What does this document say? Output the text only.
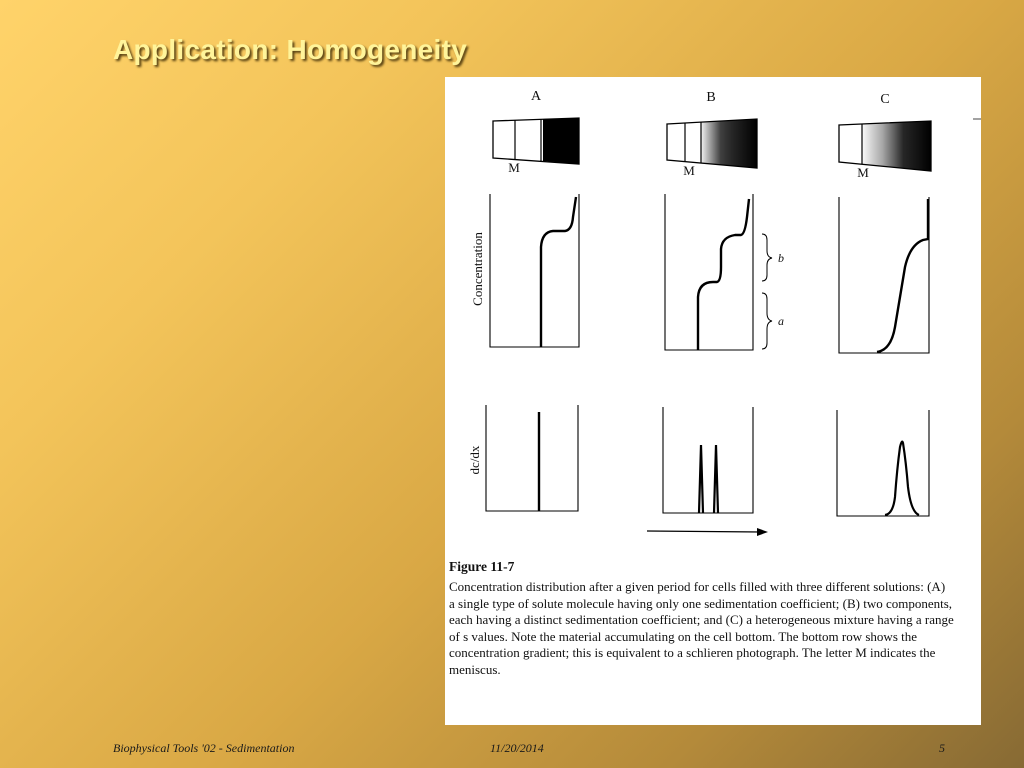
Application: Homogeneity
A	B	C
M	M	M
Concentration
dc/dx
b
a
Figure 11-7
Concentration distribution after a given period for cells filled with three different solutions: (A) a single type of solute molecule having only one sedimentation coefficient; (B) two components, each having a distinct sedimentation coefficient; and (C) a heterogeneous mixture having a range of s values. Note the material accumulating on the cell bottom. The bottom row shows the concentration gradient; this is equivalent to a schlieren photograph. The letter M indicates the meniscus.
Biophysical Tools '02 - Sedimentation	11/20/2014	5
